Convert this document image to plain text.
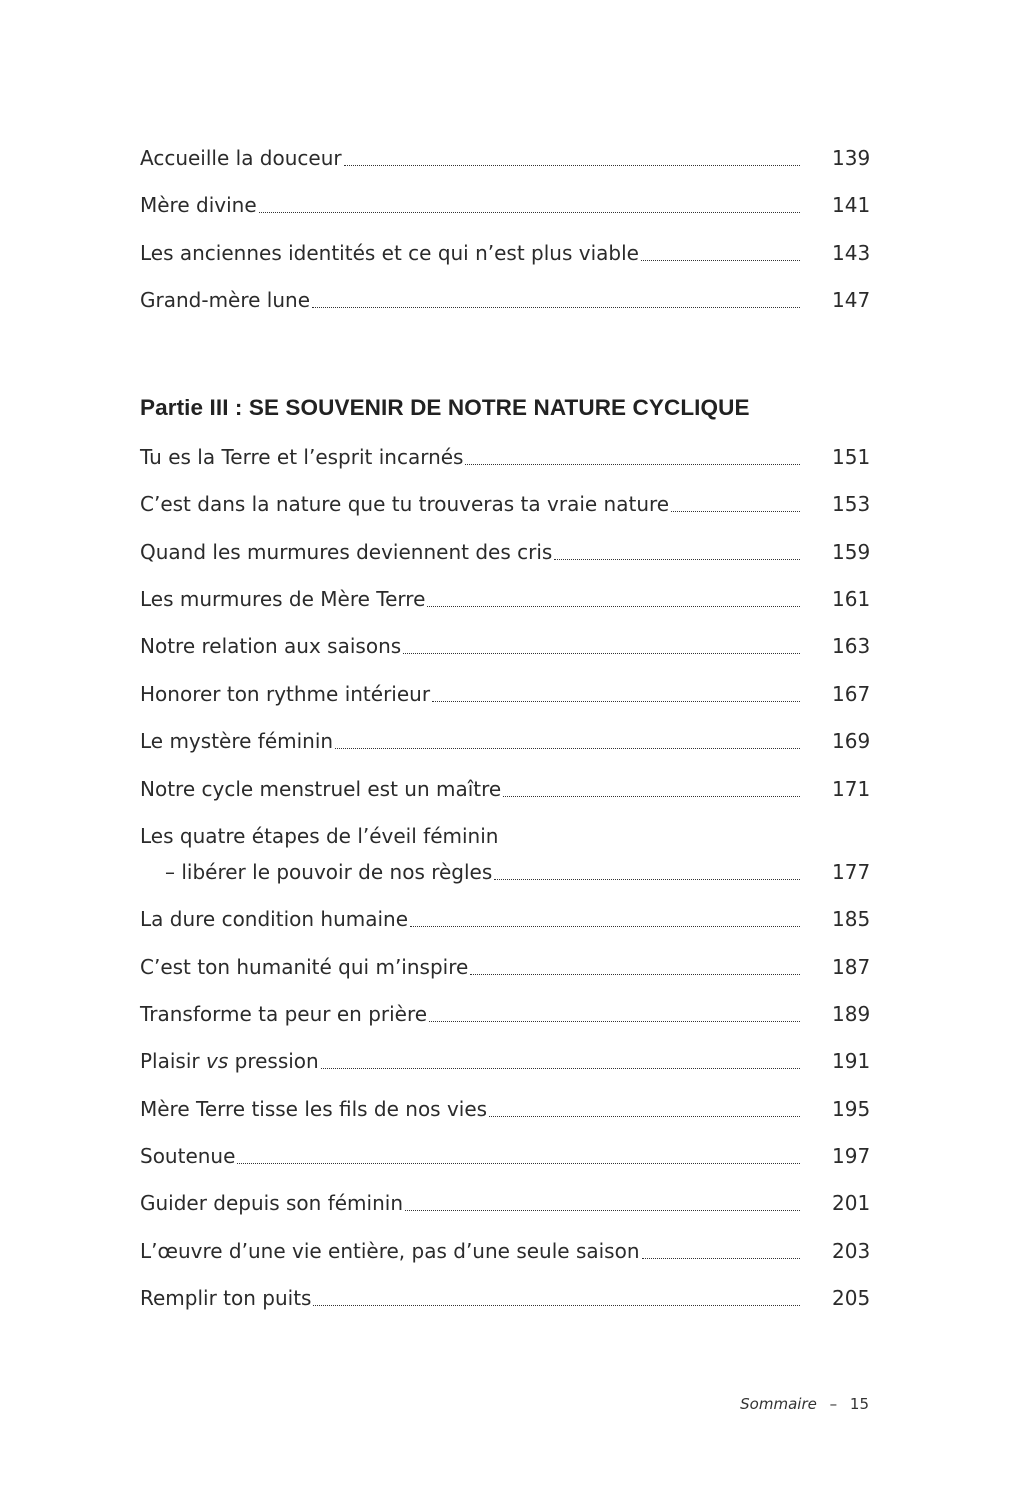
Accueille la douceur	139
Mère divine	141
Les anciennes identités et ce qui n’est plus viable	143
Grand-mère lune	147
Partie III : SE SOUVENIR DE NOTRE NATURE CYCLIQUE
Tu es la Terre et l’esprit incarnés	151
C’est dans la nature que tu trouveras ta vraie nature	153
Quand les murmures deviennent des cris	159
Les murmures de Mère Terre	161
Notre relation aux saisons	163
Honorer ton rythme intérieur	167
Le mystère féminin	169
Notre cycle menstruel est un maître	171
Les quatre étapes de l’éveil féminin
– libérer le pouvoir de nos règles	177
La dure condition humaine	185
C’est ton humanité qui m’inspire	187
Transforme ta peur en prière	189
Plaisir vs pression	191
Mère Terre tisse les fils de nos vies	195
Soutenue	197
Guider depuis son féminin	201
L’œuvre d’une vie entière, pas d’une seule saison	203
Remplir ton puits	205
Sommaire – 15
